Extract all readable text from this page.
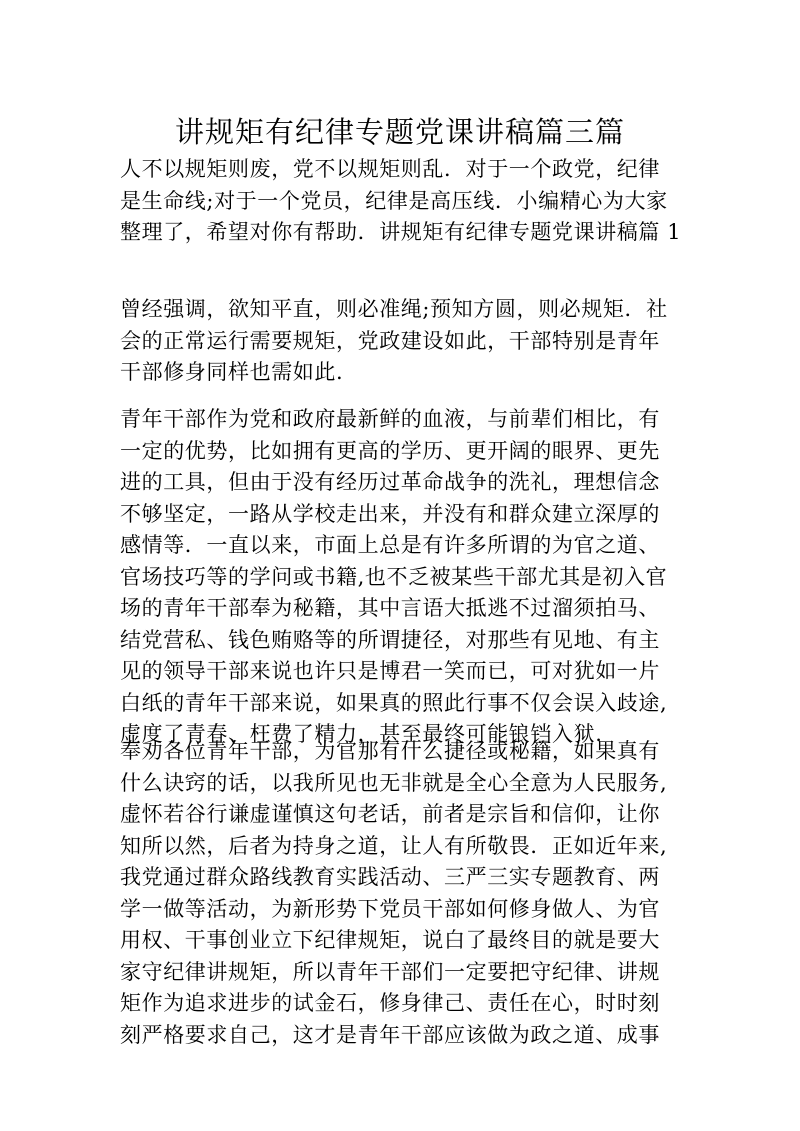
讲规矩有纪律专题党课讲稿篇三篇
人不以规矩则废，党不以规矩则乱．对于一个政党，纪律
是生命线;对于一个党员，纪律是高压线．小编精心为大家
整理了，希望对你有帮助．讲规矩有纪律专题党课讲稿篇 1
曾经强调，欲知平直，则必准绳;预知方圆，则必规矩．社
会的正常运行需要规矩，党政建设如此，干部特别是青年
干部修身同样也需如此.
青年干部作为党和政府最新鲜的血液，与前辈们相比，有
一定的优势，比如拥有更高的学历、更开阔的眼界、更先
进的工具，但由于没有经历过革命战争的洗礼，理想信念
不够坚定，一路从学校走出来，并没有和群众建立深厚的
感情等．一直以来，市面上总是有许多所谓的为官之道、
官场技巧等的学问或书籍,也不乏被某些干部尤其是初入官
场的青年干部奉为秘籍，其中言语大抵逃不过溜须拍马、
结党营私、钱色贿赂等的所谓捷径，对那些有见地、有主
见的领导干部来说也许只是博君一笑而已，可对犹如一片
白纸的青年干部来说，如果真的照此行事不仅会误入歧途,
虚度了青春、枉费了精力，甚至最终可能锒铛入狱.
奉劝各位青年干部，为官那有什么捷径或秘籍，如果真有
什么诀窍的话，以我所见也无非就是全心全意为人民服务,
虚怀若谷行谦虚谨慎这句老话，前者是宗旨和信仰，让你
知所以然，后者为持身之道，让人有所敬畏．正如近年来,
我党通过群众路线教育实践活动、三严三实专题教育、两
学一做等活动，为新形势下党员干部如何修身做人、为官
用权、干事创业立下纪律规矩，说白了最终目的就是要大
家守纪律讲规矩，所以青年干部们一定要把守纪律、讲规
矩作为追求进步的试金石，修身律己、责任在心，时时刻
刻严格要求自己，这才是青年干部应该做为政之道、成事
